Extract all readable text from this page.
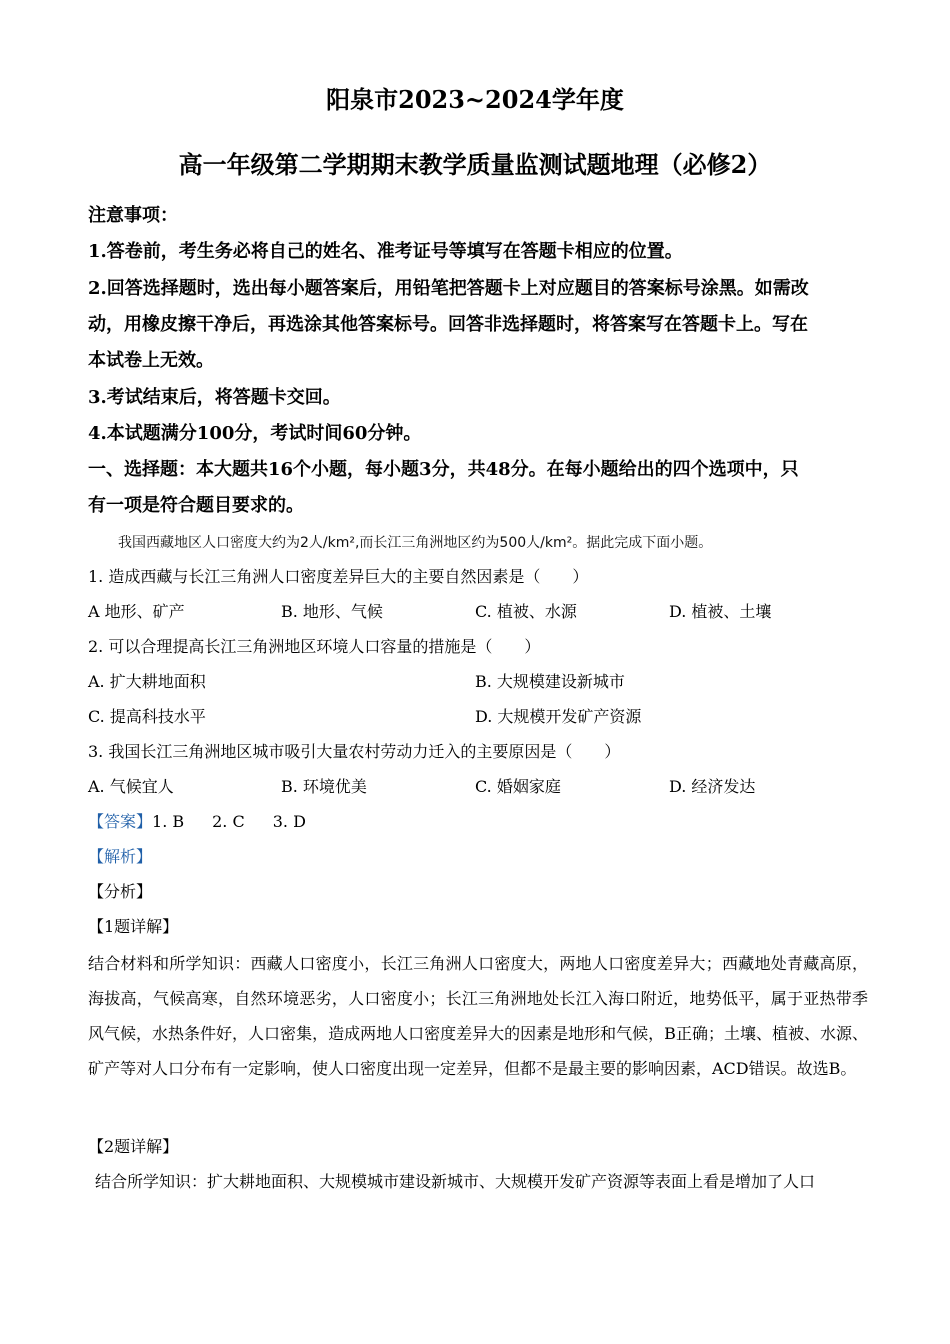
阳泉市2023~2024学年度
高一年级第二学期期末教学质量监测试题地理（必修2）
注意事项：
1.答卷前，考生务必将自己的姓名、准考证号等填写在答题卡相应的位置。
2.回答选择题时，选出每小题答案后，用铅笔把答题卡上对应题目的答案标号涂黑。如需改
动，用橡皮擦干净后，再选涂其他答案标号。回答非选择题时，将答案写在答题卡上。写在
本试卷上无效。
3.考试结束后，将答题卡交回。
4.本试题满分100分，考试时间60分钟。
一、选择题：本大题共16个小题，每小题3分，共48分。在每小题给出的四个选项中，只
有一项是符合题目要求的。
我国西藏地区人口密度大约为2人/km²,而长江三角洲地区约为500人/km²。据此完成下面小题。
1. 造成西藏与长江三角洲人口密度差异巨大的主要自然因素是（　　）
A 地形、矿产	B. 地形、气候	C. 植被、水源	D. 植被、土壤
2. 可以合理提高长江三角洲地区环境人口容量的措施是（　　）
A. 扩大耕地面积	B. 大规模建设新城市
C. 提高科技水平	D. 大规模开发矿产资源
3. 我国长江三角洲地区城市吸引大量农村劳动力迁入的主要原因是（　　）
A. 气候宜人	B. 环境优美	C. 婚姻家庭	D. 经济发达
【答案】1. B 2. C 3. D
【解析】
【分析】
【1题详解】
结合材料和所学知识：西藏人口密度小，长江三角洲人口密度大，两地人口密度差异大；西藏地处青藏高原，海拔高，气候高寒，自然环境恶劣，人口密度小；长江三角洲地处长江入海口附近，地势低平，属于亚热带季风气候，水热条件好，人口密集，造成两地人口密度差异大的因素是地形和气候，B正确；土壤、植被、水源、矿产等对人口分布有一定影响，使人口密度出现一定差异，但都不是最主要的影响因素，ACD错误。故选B。
【2题详解】
结合所学知识：扩大耕地面积、大规模城市建设新城市、大规模开发矿产资源等表面上看是增加了人口
